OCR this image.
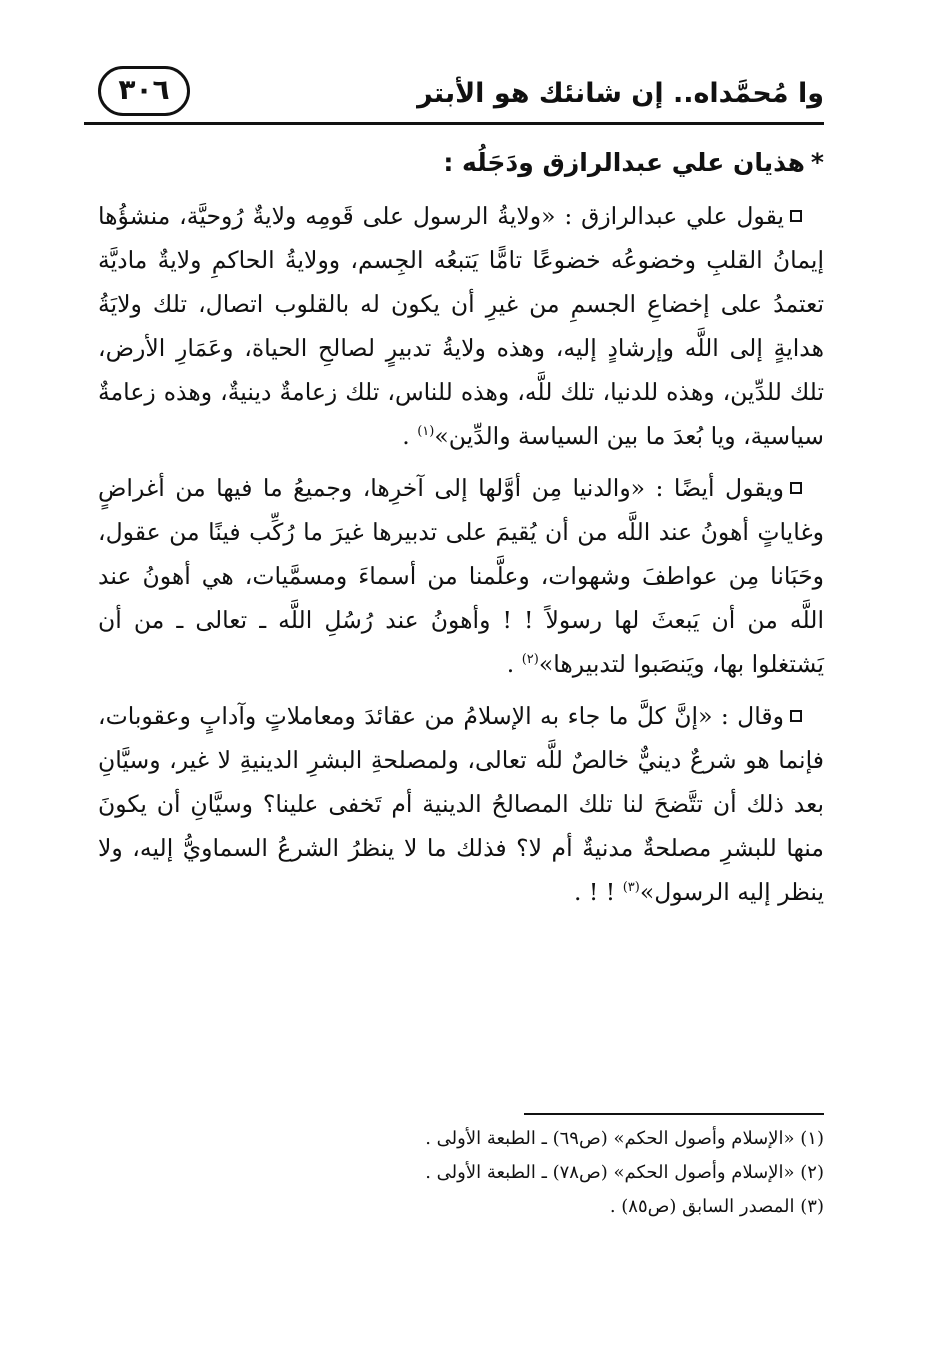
وا مُحمَّداه.. إن شانئك هو الأبتر
٣٠٦
*هذيان علي عبدالرازق ودَجَلُه :

يقول علي عبدالرازق : «ولايةُ الرسول على قَومِه ولايةٌ رُوحيَّة، منشؤُها إيمانُ القلبِ وخضوعُه خضوعًا تامًّا يَتبعُه الجِسم، وولايةُ الحاكمِ ولايةٌ ماديَّة تعتمدُ على إخضاعِ الجسمِ من غيرِ أن يكون له بالقلوب اتصال، تلك ولايَةُ هدايةٍ إلى اللَّه وإرشادٍ إليه، وهذه ولايةُ تدبيرٍ لصالحِ الحياة، وعَمَارِ الأرض، تلك للدِّين، وهذه للدنيا، تلك للَّه، وهذه للناس، تلك زعامةٌ دينيةٌ، وهذه زعامةٌ سياسية، ويا بُعدَ ما بين السياسة والدِّين»$^{(١)}$ .

ويقول أيضًا : «والدنيا مِن أوَّلها إلى آخرِها، وجميعُ ما فيها من أغراضٍ وغاياتٍ أهونُ عند اللَّه من أن يُقيمَ على تدبيرها غيرَ ما رُكِّب فينًا من عقول، وحَبَانا مِن عواطفَ وشهوات، وعلَّمنا من أسماءَ ومسمَّيات، هي أهونُ عند اللَّه من أن يَبعثَ لها رسولاً ! ! وأهونُ عند رُسُلِ اللَّه ـ تعالى ـ من أن يَشتغلوا بها، ويَنصَبوا لتدبيرها»$^{(٢)}$ .

وقال : «إنَّ كلَّ ما جاء به الإسلامُ من عقائدَ ومعاملاتٍ وآدابٍ وعقوبات، فإنما هو شرعٌ دينيٌّ خالصٌ للَّه تعالى، ولمصلحةِ البشرِ الدينيةِ لا غير، وسيَّانِ بعد ذلك أن تتَّضحَ لنا تلك المصالحُ الدينية أم تَخفى علينا؟ وسيَّانِ أن يكونَ منها للبشرِ مصلحةٌ مدنيةٌ أم لا؟ فذلك ما لا ينظرُ الشرعُ السماويُّ إليه، ولا ينظر إليه الرسول»$^{(٣)}$ ! ! .

(١) «الإسلام وأصول الحكم» (ص٦٩) ـ الطبعة الأولى .
(٢) «الإسلام وأصول الحكم» (ص٧٨) ـ الطبعة الأولى .
(٣) المصدر السابق (ص٨٥) .
